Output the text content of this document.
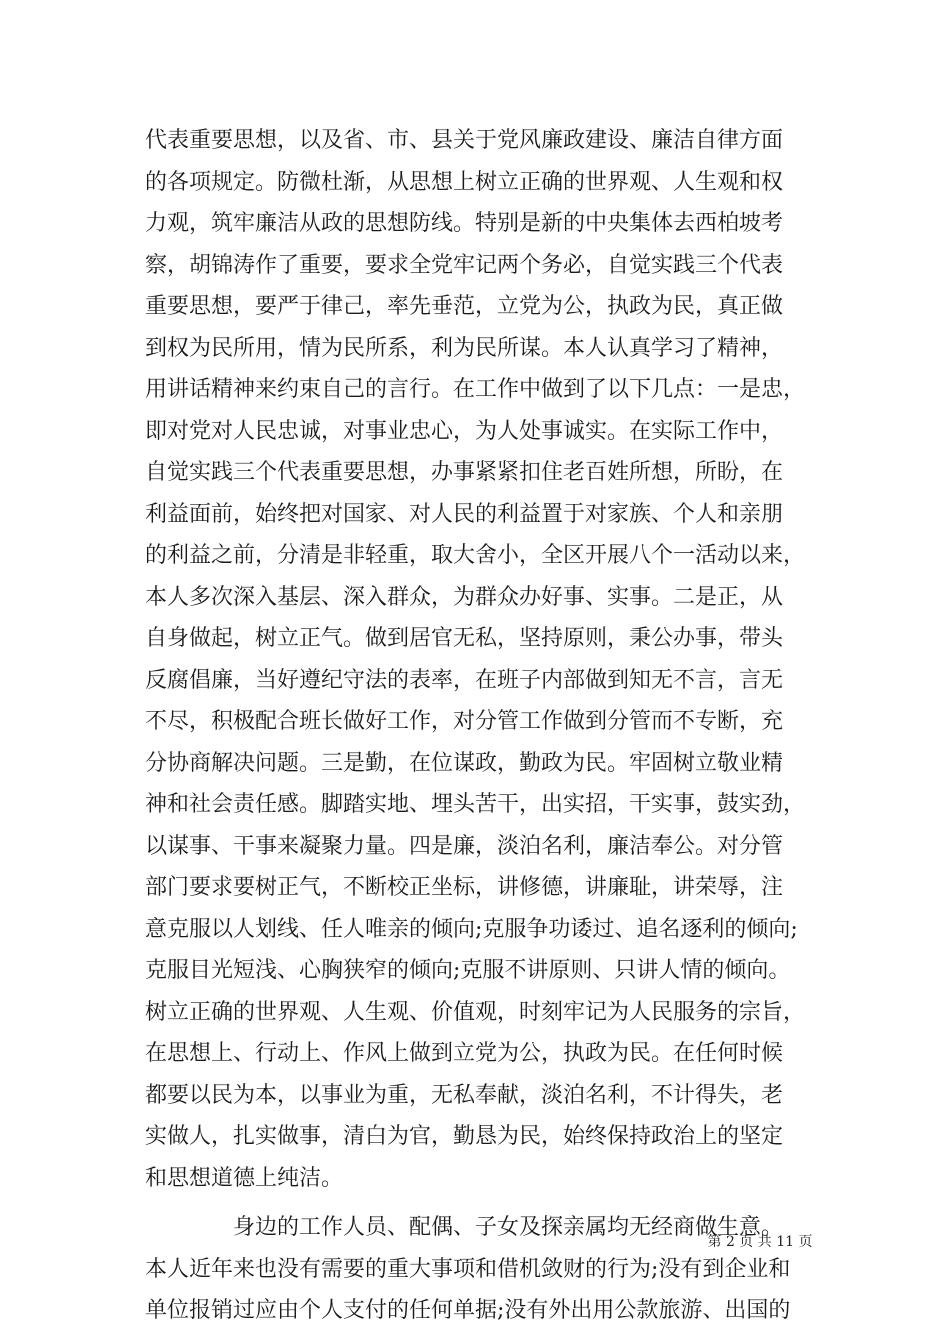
代表重要思想，以及省、市、县关于党风廉政建设、廉洁自律方面
的各项规定。防微杜渐，从思想上树立正确的世界观、人生观和权
力观，筑牢廉洁从政的思想防线。特别是新的中央集体去西柏坡考
察，胡锦涛作了重要，要求全党牢记两个务必，自觉实践三个代表
重要思想，要严于律己，率先垂范，立党为公，执政为民，真正做
到权为民所用，情为民所系，利为民所谋。本人认真学习了精神，
用讲话精神来约束自己的言行。在工作中做到了以下几点：一是忠，
即对党对人民忠诚，对事业忠心，为人处事诚实。在实际工作中，
自觉实践三个代表重要思想，办事紧紧扣住老百姓所想，所盼，在
利益面前，始终把对国家、对人民的利益置于对家族、个人和亲朋
的利益之前，分清是非轻重，取大舍小，全区开展八个一活动以来，
本人多次深入基层、深入群众，为群众办好事、实事。二是正，从
自身做起，树立正气。做到居官无私，坚持原则，秉公办事，带头
反腐倡廉，当好遵纪守法的表率，在班子内部做到知无不言，言无
不尽，积极配合班长做好工作，对分管工作做到分管而不专断，充
分协商解决问题。三是勤，在位谋政，勤政为民。牢固树立敬业精
神和社会责任感。脚踏实地、埋头苦干，出实招，干实事，鼓实劲，
以谋事、干事来凝聚力量。四是廉，淡泊名利，廉洁奉公。对分管
部门要求要树正气，不断校正坐标，讲修德，讲廉耻，讲荣辱，注
意克服以人划线、任人唯亲的倾向;克服争功诿过、追名逐利的倾向;
克服目光短浅、心胸狭窄的倾向;克服不讲原则、只讲人情的倾向。
树立正确的世界观、人生观、价值观，时刻牢记为人民服务的宗旨，
在思想上、行动上、作风上做到立党为公，执政为民。在任何时候
都要以民为本，以事业为重，无私奉献，淡泊名利，不计得失，老
实做人，扎实做事，清白为官，勤恳为民，始终保持政治上的坚定
和思想道德上纯洁。
　　　　身边的工作人员、配偶、子女及探亲属均无经商做生意。
本人近年来也没有需要的重大事项和借机敛财的行为;没有到企业和
单位报销过应由个人支付的任何单据;没有外出用公款旅游、出国的
第 2 页 共 11 页
